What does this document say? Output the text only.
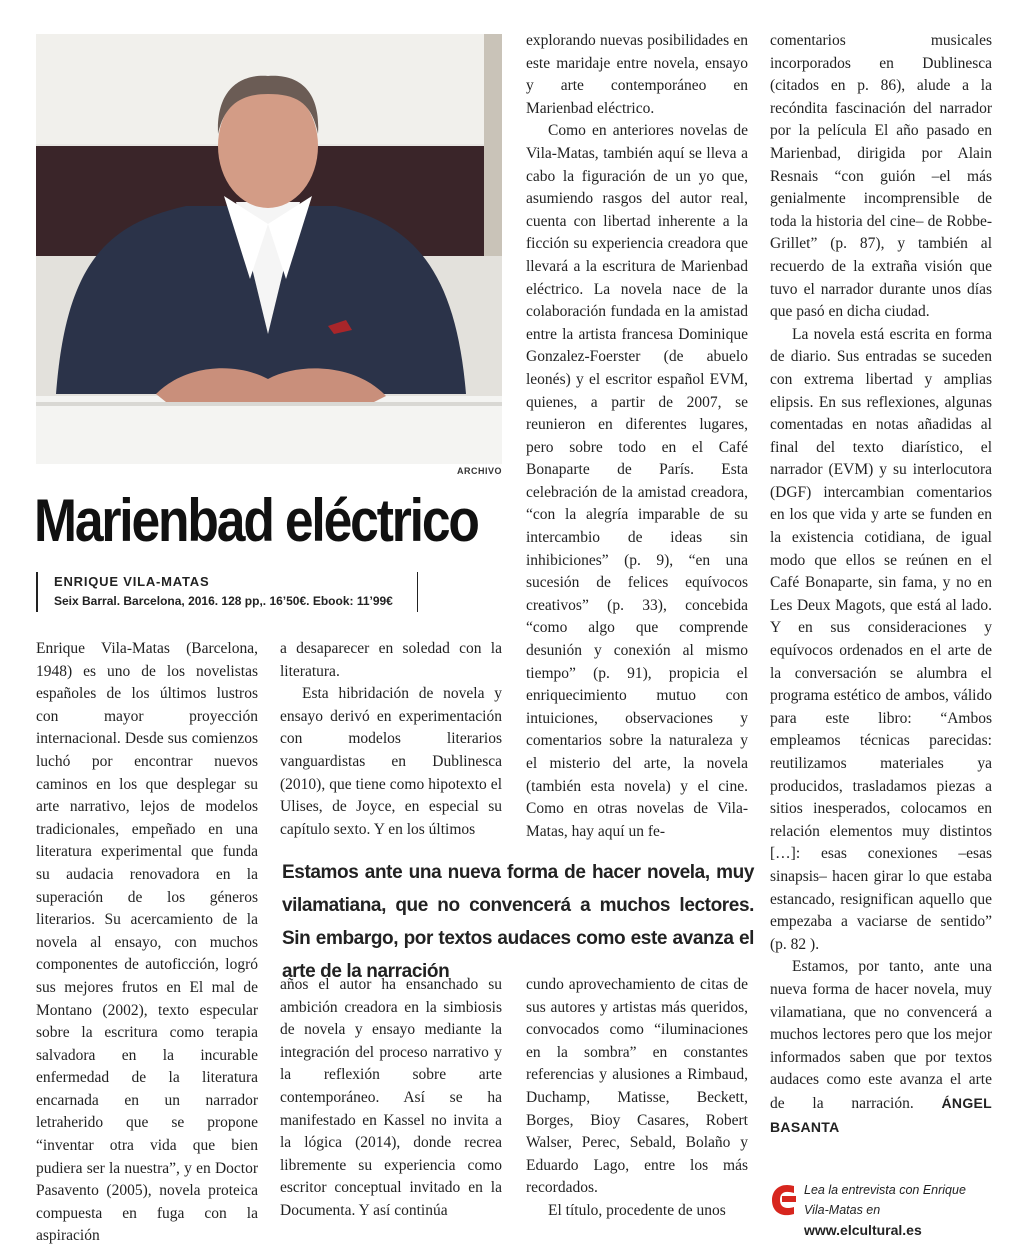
ARCHIVO
Marienbad eléctrico
ENRIQUE VILA-MATAS
Seix Barral. Barcelona, 2016. 128 pp,. 16’50€. Ebook: 11’99€

Enrique Vila-Matas (Barcelona, 1948) es uno de los novelistas españoles de los últimos lustros con mayor proyección internacional. Desde sus comienzos luchó por encontrar nuevos caminos en los que desplegar su arte narrativo, lejos de modelos tradicionales, empeñado en una literatura experimental que funda su audacia renovadora en la superación de los géneros literarios. Su acercamiento de la novela al ensayo, con muchos componentes de autoficción, logró sus mejores frutos en El mal de Montano (2002), texto especular sobre la escritura como terapia salvadora en la incurable enfermedad de la literatura encarnada en un narrador letraherido que se propone “inventar otra vida que bien pudiera ser la nuestra”, y en Doctor Pasavento (2005), novela proteica compuesta en fuga con la aspiración

a desaparecer en soledad con la literatura.

Esta hibridación de novela y ensayo derivó en experimentación con modelos literarios vanguardistas en Dublinesca (2010), que tiene como hipotexto el Ulises, de Joyce, en especial su capítulo sexto. Y en los últimos

explorando nuevas posibilidades en este maridaje entre novela, ensayo y arte contemporáneo en Marienbad eléctrico.

Como en anteriores novelas de Vila-Matas, también aquí se lleva a cabo la figuración de un yo que, asumiendo rasgos del autor real, cuenta con libertad inherente a la ficción su experiencia creadora que llevará a la escritura de Marienbad eléctrico. La novela nace de la colaboración fundada en la amistad entre la artista francesa Dominique Gonzalez-Foerster (de abuelo leonés) y el escritor español EVM, quienes, a partir de 2007, se reunieron en diferentes lugares, pero sobre todo en el Café Bonaparte de París. Esta celebración de la amistad creadora, “con la alegría imparable de su intercambio de ideas sin inhibiciones” (p. 9), “en una sucesión de felices equívocos creativos” (p. 33), concebida “como algo que comprende desunión y conexión al mismo tiempo” (p. 91), propicia el enriquecimiento mutuo con intuiciones, observaciones y comentarios sobre la naturaleza y el misterio del arte, la novela (también esta novela) y el cine. Como en otras novelas de Vila-Matas, hay aquí un fe-

Estamos ante una nueva forma de hacer novela, muy vilamatiana, que no convencerá a muchos lectores. Sin embargo, por textos audaces como este avanza el arte de la narración

años el autor ha ensanchado su ambición creadora en la simbiosis de novela y ensayo mediante la integración del proceso narrativo y la reflexión sobre arte contemporáneo. Así se ha manifestado en Kassel no invita a la lógica (2014), donde recrea libremente su experiencia como escritor conceptual invitado en la Documenta. Y así continúa

cundo aprovechamiento de citas de sus autores y artistas más queridos, convocados como “iluminaciones en la sombra” en constantes referencias y alusiones a Rimbaud, Duchamp, Matisse, Beckett, Borges, Bioy Casares, Robert Walser, Perec, Sebald, Bolaño y Eduardo Lago, entre los más recordados.

El título, procedente de unos

comentarios musicales incorporados en Dublinesca (citados en p. 86), alude a la recóndita fascinación del narrador por la película El año pasado en Marienbad, dirigida por Alain Resnais “con guión –el más genialmente incomprensible de toda la historia del cine– de Robbe-Grillet” (p. 87), y también al recuerdo de la extraña visión que tuvo el narrador durante unos días que pasó en dicha ciudad.

La novela está escrita en forma de diario. Sus entradas se suceden con extrema libertad y amplias elipsis. En sus reflexiones, algunas comentadas en notas añadidas al final del texto diarístico, el narrador (EVM) y su interlocutora (DGF) intercambian comentarios en los que vida y arte se funden en la existencia cotidiana, de igual modo que ellos se reúnen en el Café Bonaparte, sin fama, y no en Les Deux Magots, que está al lado. Y en sus consideraciones y equívocos ordenados en el arte de la conversación se alumbra el programa estético de ambos, válido para este libro: “Ambos empleamos técnicas parecidas: reutilizamos materiales ya producidos, trasladamos piezas a sitios inesperados, colocamos en relación elementos muy distintos […]: esas conexiones –esas sinapsis– hacen girar lo que estaba estancado, resignifican aquello que empezaba a vaciarse de sentido” (p. 82 ).

Estamos, por tanto, ante una nueva forma de hacer novela, muy vilamatiana, que no convencerá a muchos lectores pero que los mejor informados saben que por textos audaces como este avanza el arte de la narración. ÁNGEL BASANTA

Lea la entrevista con Enrique Vila-Matas en www.elcultural.es
